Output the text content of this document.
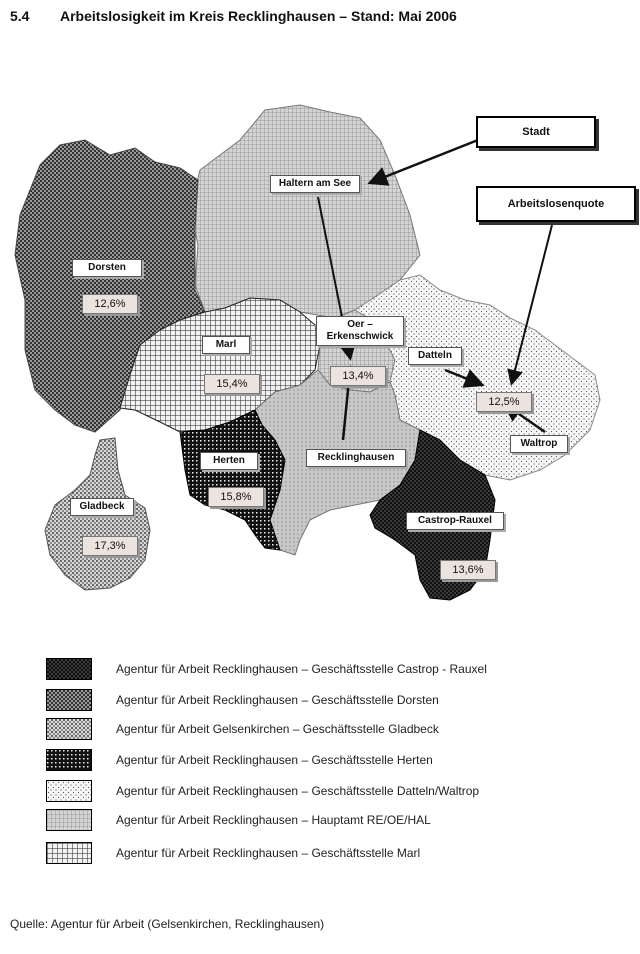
5.4 Arbeitslosigkeit im Kreis Recklinghausen – Stand: Mai 2006
Stadt
Arbeitslosenquote
Dorsten
12,6%
Haltern am See
Marl
15,4%
Oer –
Erkenschwick
13,4%
Datteln
12,5%
Waltrop
Herten
15,8%
Recklinghausen
Gladbeck
17,3%
Castrop-Rauxel
13,6%
Agentur für Arbeit Recklinghausen – Geschäftsstelle Castrop - Rauxel
Agentur für Arbeit Recklinghausen – Geschäftsstelle Dorsten
Agentur für Arbeit Gelsenkirchen – Geschäftsstelle Gladbeck
Agentur für Arbeit Recklinghausen – Geschäftsstelle Herten
Agentur für Arbeit Recklinghausen – Geschäftsstelle Datteln/Waltrop
Agentur für Arbeit Recklinghausen – Hauptamt RE/OE/HAL
Agentur für Arbeit Recklinghausen – Geschäftsstelle Marl
Quelle: Agentur für Arbeit (Gelsenkirchen, Recklinghausen)
